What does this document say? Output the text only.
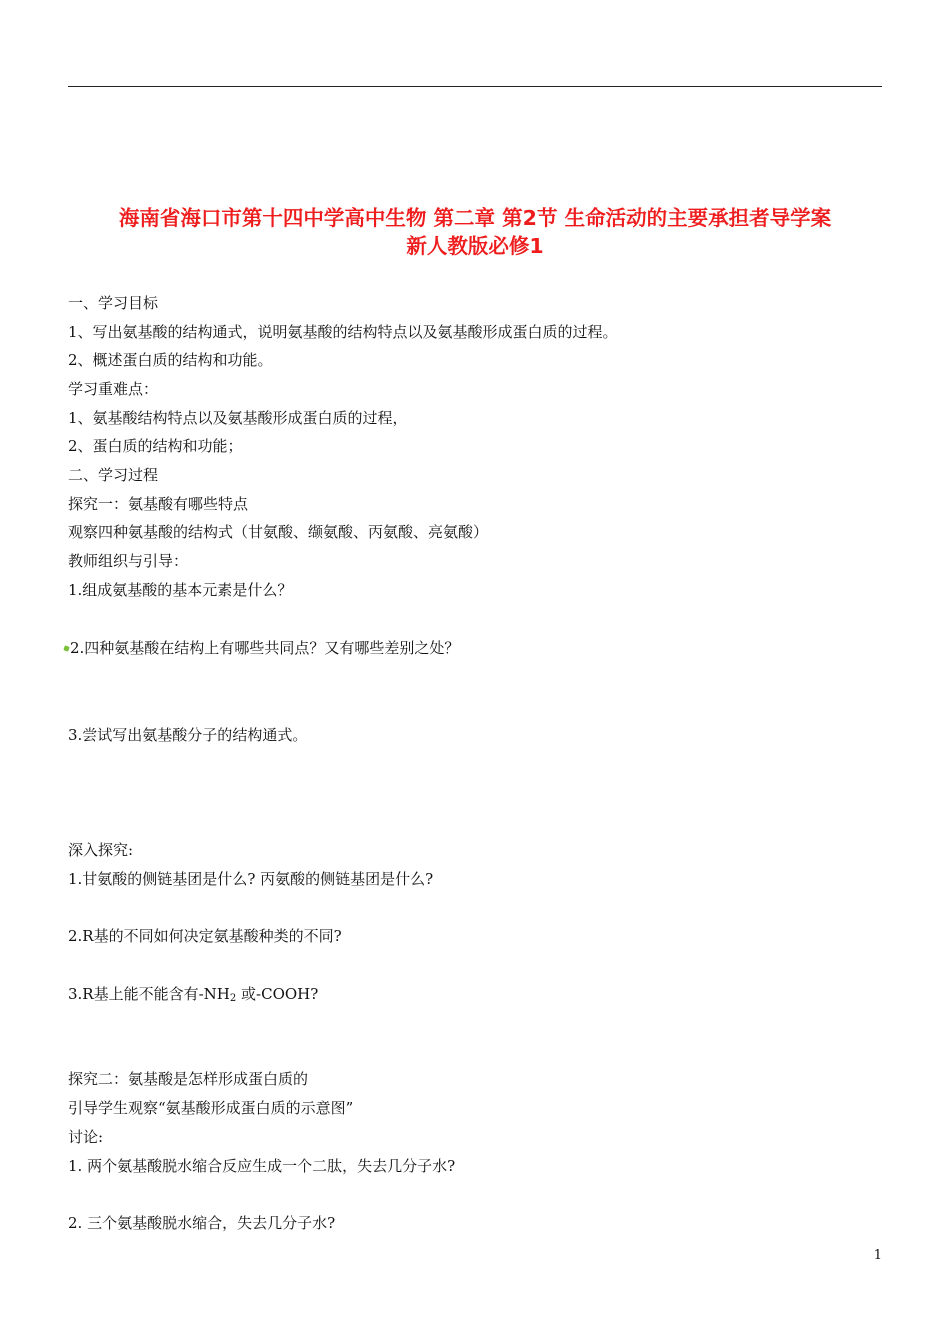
海南省海口市第十四中学高中生物 第二章 第2节 生命活动的主要承担者导学案
新人教版必修1
一、学习目标
1、写出氨基酸的结构通式，说明氨基酸的结构特点以及氨基酸形成蛋白质的过程。
2、概述蛋白质的结构和功能。
学习重难点：
1、氨基酸结构特点以及氨基酸形成蛋白质的过程，
2、蛋白质的结构和功能；
二、学习过程
探究一：氨基酸有哪些特点
观察四种氨基酸的结构式（甘氨酸、缬氨酸、丙氨酸、亮氨酸）
教师组织与引导：
1.组成氨基酸的基本元素是什么？
2.四种氨基酸在结构上有哪些共同点？又有哪些差别之处？
3.尝试写出氨基酸分子的结构通式。
深入探究:
1.甘氨酸的侧链基团是什么? 丙氨酸的侧链基团是什么?
2.R基的不同如何决定氨基酸种类的不同?
3.R基上能不能含有$-NH_2$ 或-COOH?
探究二：氨基酸是怎样形成蛋白质的
引导学生观察“氨基酸形成蛋白质的示意图”
讨论:
1. 两个氨基酸脱水缩合反应生成一个二肽，失去几分子水?
2. 三个氨基酸脱水缩合，失去几分子水?
1
